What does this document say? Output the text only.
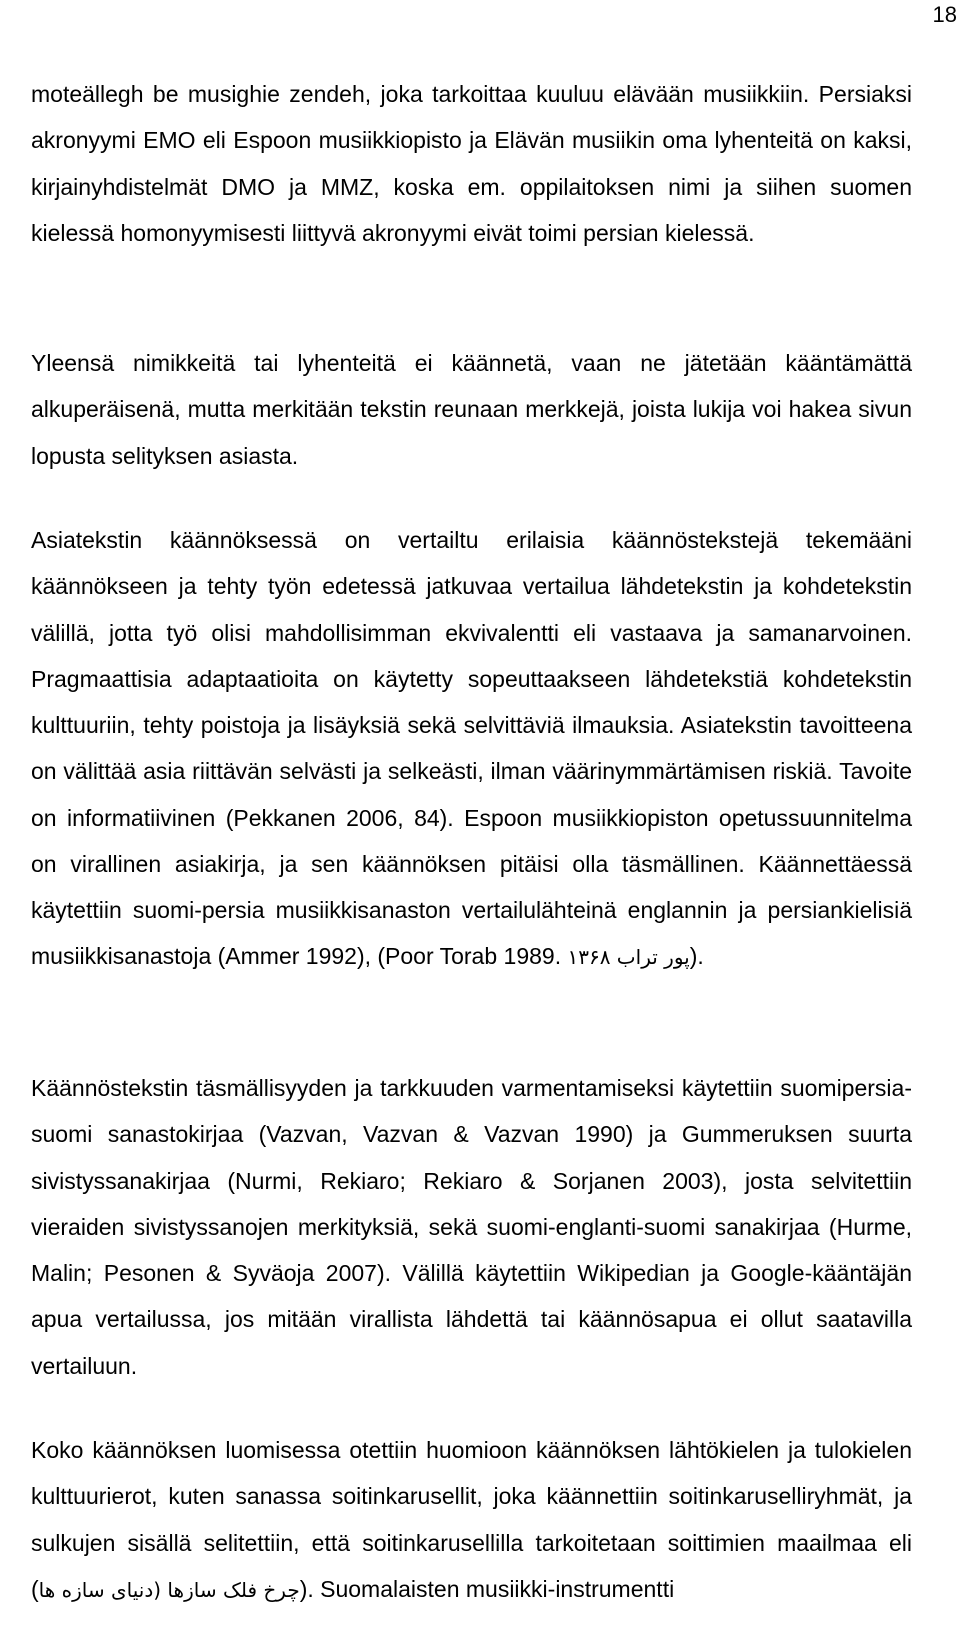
18

moteällegh be musighie zendeh, joka tarkoittaa kuuluu elävään musiikkiin. Persiaksi akronyymi EMO eli Espoon musiikkiopisto ja Elävän musiikin oma lyhenteitä on kaksi, kirjainyhdistelmät DMO ja MMZ, koska em. oppilaitoksen nimi ja siihen suomen kielessä homonyymisesti liittyvä akronyymi eivät toimi persian kielessä.

Yleensä nimikkeitä tai lyhenteitä ei käännetä, vaan ne jätetään kääntämättä alkuperäisenä, mutta merkitään tekstin reunaan merkkejä, joista lukija voi hakea sivun lopusta selityksen asiasta.

Asiatekstin käännöksessä on vertailtu erilaisia käännöstekstejä tekemääni käännökseen ja tehty työn edetessä jatkuvaa vertailua lähdetekstin ja kohdetekstin välillä, jotta työ olisi mahdollisimman ekvivalentti eli vastaava ja samanarvoinen. Pragmaattisia adaptaatioita on käytetty sopeuttaakseen lähdetekstiä kohdetekstin kulttuuriin, tehty poistoja ja lisäyksiä sekä selvittäviä ilmauksia. Asiatekstin tavoitteena on välittää asia riittävän selvästi ja selkeästi, ilman väärinymmärtämisen riskiä. Tavoite on informatiivinen (Pekkanen 2006, 84). Espoon musiikkiopiston opetussuunnitelma on virallinen asiakirja, ja sen käännöksen pitäisi olla täsmällinen. Käännettäessä käytettiin suomi-persia musiikkisanaston vertailulähteinä englannin ja persiankielisiä musiikkisanastoja (Ammer 1992), (Poor Torab 1989. پور تراب ۱۳۶۸).

Käännöstekstin täsmällisyyden ja tarkkuuden varmentamiseksi käytettiin suomipersia-suomi sanastokirjaa (Vazvan, Vazvan & Vazvan 1990) ja Gummeruksen suurta sivistyssanakirjaa (Nurmi, Rekiaro; Rekiaro & Sorjanen 2003), josta selvitettiin vieraiden sivistyssanojen merkityksiä, sekä suomi-englanti-suomi sanakirjaa (Hurme, Malin; Pesonen & Syväoja 2007). Välillä käytettiin Wikipedian ja Google-kääntäjän apua vertailussa, jos mitään virallista lähdettä tai käännösapua ei ollut saatavilla vertailuun.

Koko käännöksen luomisessa otettiin huomioon käännöksen lähtökielen ja tulokielen kulttuurierot, kuten sanassa soitinkarusellit, joka käännettiin soitinkaruselliryhmät, ja sulkujen sisällä selitettiin, että soitinkarusellilla tarkoitetaan soittimien maailmaa eli (چرخ فلک سازها (دنیای سازه ها). Suomalaisten musiikki-instrumentti
